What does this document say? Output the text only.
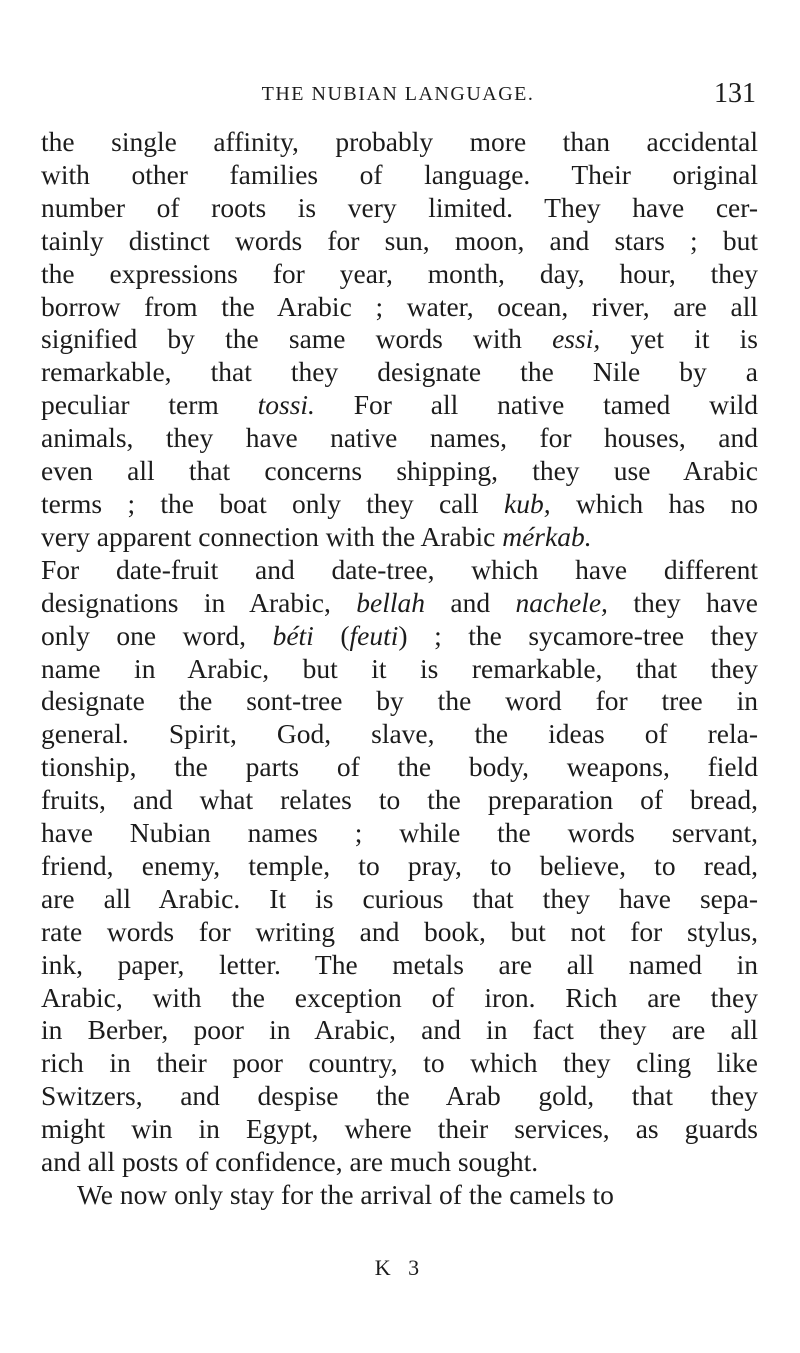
THE NUBIAN LANGUAGE.	131
the single affinity, probably more than accidental
with other families of language. Their original
number of roots is very limited. They have cer-
tainly distinct words for sun, moon, and stars ; but
the expressions for year, month, day, hour, they
borrow from the Arabic ; water, ocean, river, are all
signified by the same words with essi, yet it is
remarkable, that they designate the Nile by a
peculiar term tossi. For all native tamed wild
animals, they have native names, for houses, and
even all that concerns shipping, they use Arabic
terms ; the boat only they call kub, which has no
very apparent connection with the Arabic mérkab.
For date-fruit and date-tree, which have different
designations in Arabic, bellah and nachele, they have
only one word, béti (feuti) ; the sycamore-tree they
name in Arabic, but it is remarkable, that they
designate the sont-tree by the word for tree in
general. Spirit, God, slave, the ideas of rela-
tionship, the parts of the body, weapons, field
fruits, and what relates to the preparation of bread,
have Nubian names ; while the words servant,
friend, enemy, temple, to pray, to believe, to read,
are all Arabic. It is curious that they have sepa-
rate words for writing and book, but not for stylus,
ink, paper, letter. The metals are all named in
Arabic, with the exception of iron. Rich are they
in Berber, poor in Arabic, and in fact they are all
rich in their poor country, to which they cling like
Switzers, and despise the Arab gold, that they
might win in Egypt, where their services, as guards
and all posts of confidence, are much sought.
We now only stay for the arrival of the camels to
K 3
